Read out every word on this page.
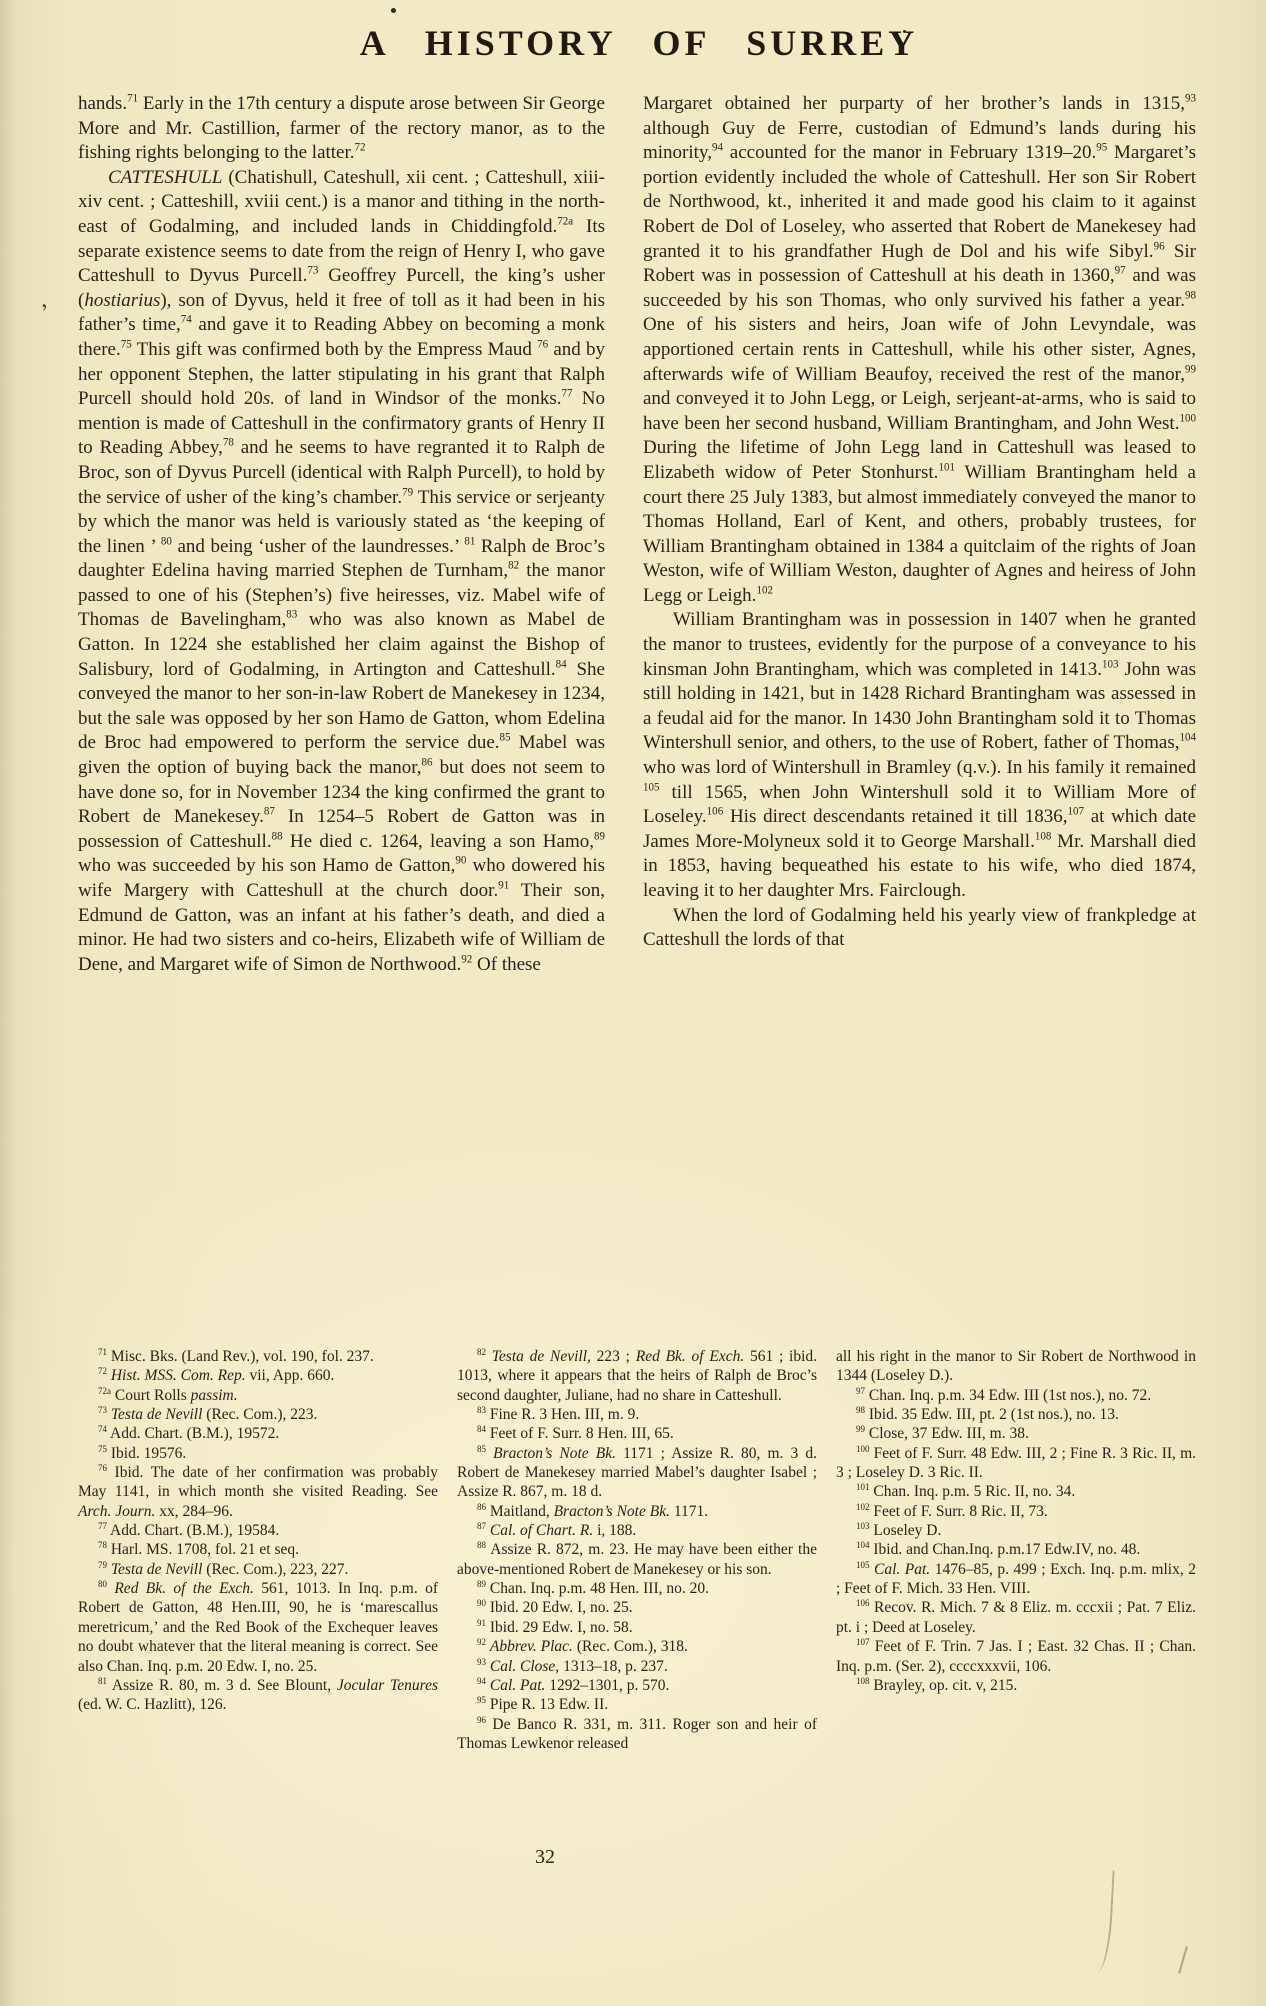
A HISTORY OF SURREY

hands.$^{71}$ Early in the 17th century a dispute arose between Sir George More and Mr. Castillion, farmer of the rectory manor, as to the fishing rights belonging to the latter.$^{72}$

CATTESHULL (Chatishull, Cateshull, xii cent. ; Catteshull, xiii-xiv cent. ; Catteshill, xviii cent.) is a manor and tithing in the north-east of Godalming, and included lands in Chiddingfold.$^{72a}$ Its separate existence seems to date from the reign of Henry I, who gave Catteshull to Dyvus Purcell.$^{73}$ Geoffrey Purcell, the king’s usher (hostiarius), son of Dyvus, held it free of toll as it had been in his father’s time,$^{74}$ and gave it to Reading Abbey on becoming a monk there.$^{75}$ This gift was confirmed both by the Empress Maud $^{76}$ and by her opponent Stephen, the latter stipulating in his grant that Ralph Purcell should hold 20s. of land in Windsor of the monks.$^{77}$ No mention is made of Catteshull in the confirmatory grants of Henry II to Reading Abbey,$^{78}$ and he seems to have regranted it to Ralph de Broc, son of Dyvus Purcell (identical with Ralph Purcell), to hold by the service of usher of the king’s chamber.$^{79}$ This service or serjeanty by which the manor was held is variously stated as ‘the keeping of the linen ’ $^{80}$ and being ‘usher of the laundresses.’ $^{81}$ Ralph de Broc’s daughter Edelina having married Stephen de Turnham,$^{82}$ the manor passed to one of his (Stephen’s) five heiresses, viz. Mabel wife of Thomas de Bavelingham,$^{83}$ who was also known as Mabel de Gatton. In 1224 she established her claim against the Bishop of Salisbury, lord of Godalming, in Artington and Catteshull.$^{84}$ She conveyed the manor to her son-in-law Robert de Manekesey in 1234, but the sale was opposed by her son Hamo de Gatton, whom Edelina de Broc had empowered to perform the service due.$^{85}$ Mabel was given the option of buying back the manor,$^{86}$ but does not seem to have done so, for in November 1234 the king confirmed the grant to Robert de Manekesey.$^{87}$ In 1254–5 Robert de Gatton was in possession of Catteshull.$^{88}$ He died c. 1264, leaving a son Hamo,$^{89}$ who was succeeded by his son Hamo de Gatton,$^{90}$ who dowered his wife Margery with Catteshull at the church door.$^{91}$ Their son, Edmund de Gatton, was an infant at his father’s death, and died a minor. He had two sisters and co-heirs, Elizabeth wife of William de Dene, and Margaret wife of Simon de Northwood.$^{92}$ Of these

Margaret obtained her purparty of her brother’s lands in 1315,93 although Guy de Ferre, custodian of Edmund’s lands during his minority,$^{94}$ accounted for the manor in February 1319–20.95 Margaret’s portion evidently included the whole of Catteshull. Her son Sir Robert de Northwood, kt., inherited it and made good his claim to it against Robert de Dol of Loseley, who asserted that Robert de Manekesey had granted it to his grandfather Hugh de Dol and his wife Sibyl.$^{96}$ Sir Robert was in possession of Catteshull at his death in 1360,97 and was succeeded by his son Thomas, who only survived his father a year.$^{98}$ One of his sisters and heirs, Joan wife of John Levyndale, was apportioned certain rents in Catteshull, while his other sister, Agnes, afterwards wife of William Beaufoy, received the rest of the manor,$^{99}$ and conveyed it to John Legg, or Leigh, serjeant-at-arms, who is said to have been her second husband, William Brantingham, and John West.$^{100}$ During the lifetime of John Legg land in Catteshull was leased to Elizabeth widow of Peter Stonhurst.$^{101}$ William Brantingham held a court there 25 July 1383, but almost immediately conveyed the manor to Thomas Holland, Earl of Kent, and others, probably trustees, for William Brantingham obtained in 1384 a quitclaim of the rights of Joan Weston, wife of William Weston, daughter of Agnes and heiress of John Legg or Leigh.$^{102}$

William Brantingham was in possession in 1407 when he granted the manor to trustees, evidently for the purpose of a conveyance to his kinsman John Brantingham, which was completed in 1413.$^{103}$ John was still holding in 1421, but in 1428 Richard Brantingham was assessed in a feudal aid for the manor. In 1430 John Brantingham sold it to Thomas Wintershull senior, and others, to the use of Robert, father of Thomas,$^{104}$ who was lord of Wintershull in Bramley (q.v.). In his family it remained $^{105}$ till 1565, when John Wintershull sold it to William More of Loseley.$^{106}$ His direct descendants retained it till 1836,$^{107}$ at which date James More-Molyneux sold it to George Marshall.$^{108}$ Mr. Marshall died in 1853, having bequeathed his estate to his wife, who died 1874, leaving it to her daughter Mrs. Fairclough.

When the lord of Godalming held his yearly view of frankpledge at Catteshull the lords of that

$^{71}$ Misc. Bks. (Land Rev.), vol. 190, fol. 237.

$^{72}$ Hist. MSS. Com. Rep. vii, App. 660.

$^{72a}$ Court Rolls passim.

$^{73}$ Testa de Nevill (Rec. Com.), 223.

$^{74}$ Add. Chart. (B.M.), 19572.

$^{75}$ Ibid. 19576.

$^{76}$ Ibid. The date of her confirmation was probably May 1141, in which month she visited Reading. See Arch. Journ. xx, 284–96.

$^{77}$ Add. Chart. (B.M.), 19584.

$^{78}$ Harl. MS. 1708, fol. 21 et seq.

$^{79}$ Testa de Nevill (Rec. Com.), 223, 227.

$^{80}$ Red Bk. of the Exch. 561, 1013. In Inq. p.m. of Robert de Gatton, 48 Hen.III, 90, he is ‘marescallus meretricum,’ and the Red Book of the Exchequer leaves no doubt whatever that the literal meaning is correct. See also Chan. Inq. p.m. 20 Edw. I, no. 25.

$^{81}$ Assize R. 80, m. 3 d. See Blount, Jocular Tenures (ed. W. C. Hazlitt), 126.

$^{82}$ Testa de Nevill, 223 ; Red Bk. of Exch. 561 ; ibid. 1013, where it appears that the heirs of Ralph de Broc’s second daughter, Juliane, had no share in Catteshull.

$^{83}$ Fine R. 3 Hen. III, m. 9.

$^{84}$ Feet of F. Surr. 8 Hen. III, 65.

$^{85}$ Bracton’s Note Bk. 1171 ; Assize R. 80, m. 3 d. Robert de Manekesey married Mabel’s daughter Isabel ; Assize R. 867, m. 18 d.

$^{86}$ Maitland, Bracton’s Note Bk. 1171.

$^{87}$ Cal. of Chart. R. i, 188.

$^{88}$ Assize R. 872, m. 23. He may have been either the above-mentioned Robert de Manekesey or his son.

$^{89}$ Chan. Inq. p.m. 48 Hen. III, no. 20.

$^{90}$ Ibid. 20 Edw. I, no. 25.

$^{91}$ Ibid. 29 Edw. I, no. 58.

$^{92}$ Abbrev. Plac. (Rec. Com.), 318.

$^{93}$ Cal. Close, 1313–18, p. 237.

$^{94}$ Cal. Pat. 1292–1301, p. 570.

$^{95}$ Pipe R. 13 Edw. II.

$^{96}$ De Banco R. 331, m. 311. Roger son and heir of Thomas Lewkenor released

all his right in the manor to Sir Robert de Northwood in 1344 (Loseley D.).

$^{97}$ Chan. Inq. p.m. 34 Edw. III (1st nos.), no. 72.

$^{98}$ Ibid. 35 Edw. III, pt. 2 (1st nos.), no. 13.

$^{99}$ Close, 37 Edw. III, m. 38.

$^{100}$ Feet of F. Surr. 48 Edw. III, 2 ; Fine R. 3 Ric. II, m. 3 ; Loseley D. 3 Ric. II.

$^{101}$ Chan. Inq. p.m. 5 Ric. II, no. 34.

$^{102}$ Feet of F. Surr. 8 Ric. II, 73.

$^{103}$ Loseley D.

$^{104}$ Ibid. and Chan.Inq. p.m.17 Edw.IV, no. 48.

$^{105}$ Cal. Pat. 1476–85, p. 499 ; Exch. Inq. p.m. mlix, 2 ; Feet of F. Mich. 33 Hen. VIII.

$^{106}$ Recov. R. Mich. 7 & 8 Eliz. m. cccxii ; Pat. 7 Eliz. pt. i ; Deed at Loseley.

$^{107}$ Feet of F. Trin. 7 Jas. I ; East. 32 Chas. II ; Chan. Inq. p.m. (Ser. 2), ccccxxxvii, 106.

$^{108}$ Brayley, op. cit. v, 215.

32
’
